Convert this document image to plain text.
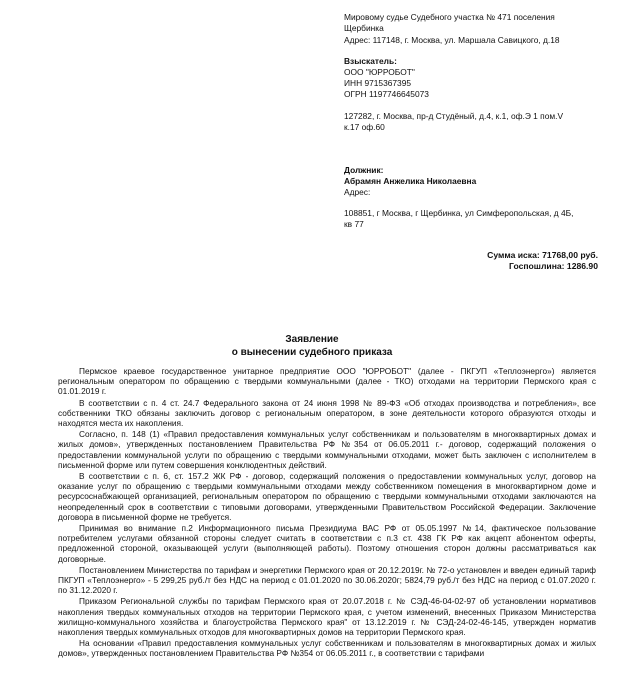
Мировому судье Судебного участка № 471 поселения
Щербинка
Адрес: 117148, г. Москва, ул. Маршала Савицкого, д.18
Взыскатель:
ООО "ЮРРОБОТ"
ИНН 9715367395
ОГРН 1197746645073
127282, г. Москва, пр-д Студёный, д.4, к.1, оф.Э 1 пом.V
к.17 оф.60
Должник:
Абрамян Анжелика Николаевна
Адрес:
108851, г Москва, г Щербинка, ул Симферопольская, д 4Б,
кв 77
Сумма иска: 71768,00 руб.
Госпошлина: 1286.90
Заявление
о вынесении судебного приказа

Пермское краевое государственное унитарное предприятие ООО "ЮРРОБОТ" (далее - ПКГУП «Теплоэнерго») является региональным оператором по обращению с твердыми коммунальными (далее - ТКО) отходами на территории Пермского края с 01.01.2019 г.

В соответствии с п. 4 ст. 24.7 Федерального закона от 24 июня 1998 № 89-ФЗ «Об отходах производства и потребления», все собственники ТКО обязаны заключить договор с региональным оператором, в зоне деятельности которого образуются отходы и находятся места их накопления.

Согласно, п. 148 (1) «Правил предоставления коммунальных услуг собственникам и пользователям в многоквартирных домах и жилых домов», утвержденных постановлением Правительства РФ №354 от 06.05.2011 г.- договор, содержащий положения о предоставлении коммунальной услуги по обращению с твердыми коммунальными отходами, может быть заключен с исполнителем в письменной форме или путем совершения конклюдентных действий.

В соответствии с п. 6, ст. 157.2 ЖК РФ - договор, содержащий положения о предоставлении коммунальных услуг, договор на оказание услуг по обращению с твердыми коммунальными отходами между собственником помещения в многоквартирном доме и ресурсоснабжающей организацией, региональным оператором по обращению с твердыми коммунальными отходами заключаются на неопределенный срок в соответствии с типовыми договорами, утвержденными Правительством Российской Федерации. Заключение договора в письменной форме не требуется.

Принимая во внимание п.2 Информационного письма Президиума ВАС РФ от 05.05.1997 №14, фактическое пользование потребителем услугами обязанной стороны следует считать в соответствии с п.3 ст. 438 ГК РФ как акцепт абонентом оферты, предложенной стороной, оказывающей услуги (выполняющей работы). Поэтому отношения сторон должны рассматриваться как договорные.

Постановлением Министерства по тарифам и энергетики Пермского края от 20.12.2019г. № 72-о установлен и введен единый тариф ПКГУП «Теплоэнерго» - 5 299,25 руб./т без НДС на период с 01.01.2020 по 30.06.2020г; 5824,79 руб./т без НДС на период с 01.07.2020 г. по 31.12.2020 г.

Приказом Региональной службы по тарифам Пермского края от 20.07.2018 г. № СЭД-46-04-02-97 об установлении нормативов накопления твердых коммунальных отходов на территории Пермского края, с учетом изменений, внесенных Приказом Министерства жилищно-коммунального хозяйства и благоустройства Пермского края" от 13.12.2019 г. № СЭД-24-02-46-145, утвержден норматив накопления твердых коммунальных отходов для многоквартирных домов на территории Пермского края.

На основании «Правил предоставления коммунальных услуг собственникам и пользователям в многоквартирных домах и жилых домов», утвержденных постановлением Правительства РФ №354 от 06.05.2011 г., в соответствии с тарифами
